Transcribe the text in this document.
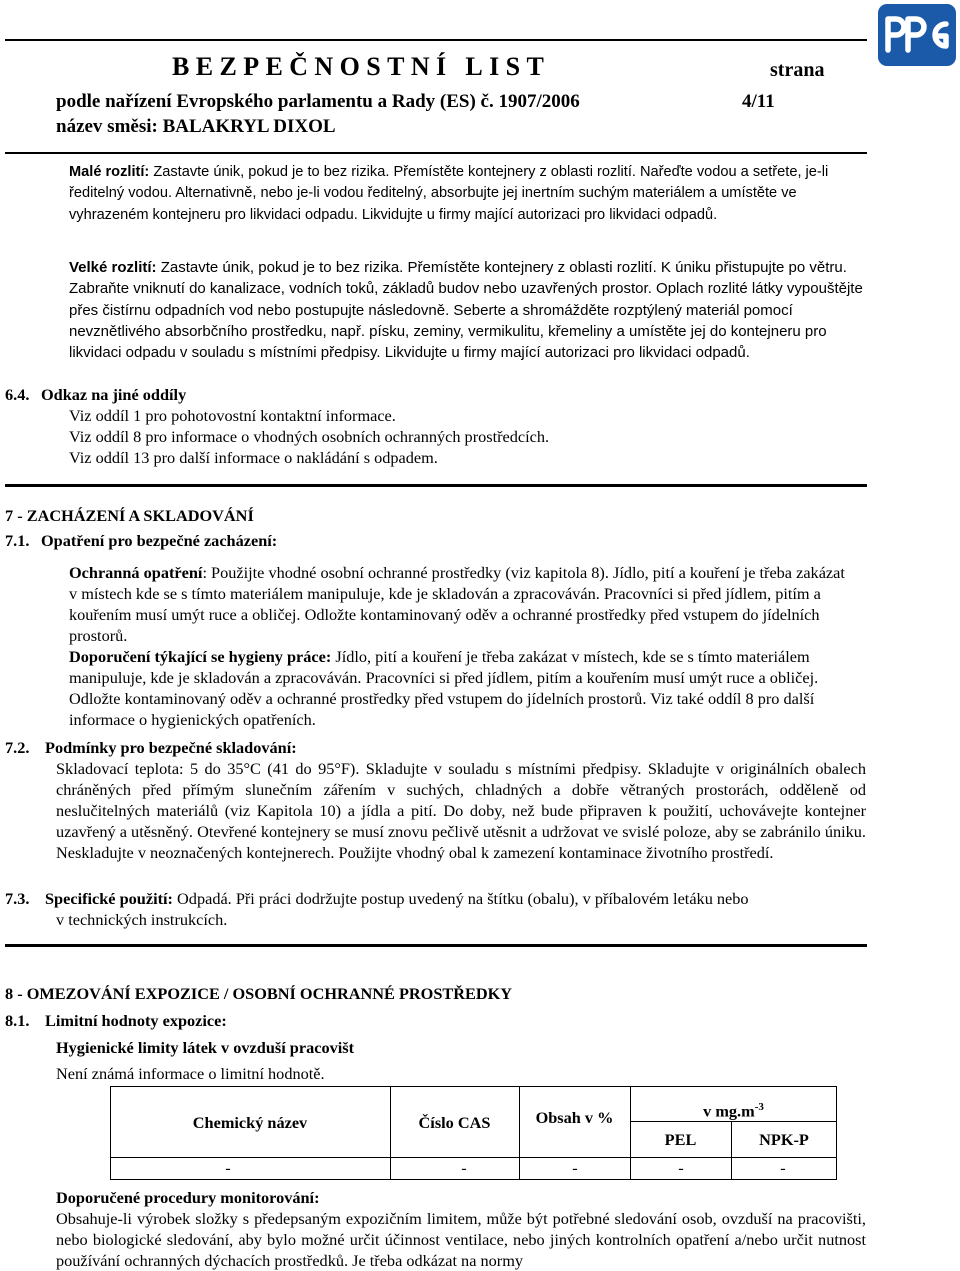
BEZPEČNOSTNÍ LIST	strana
podle nařízení Evropského parlamentu a Rady (ES) č. 1907/2006	4/11
název směsi: BALAKRYL DIXOL

Malé rozlití: Zastavte únik, pokud je to bez rizika. Přemístěte kontejnery z oblasti rozlití. Nařeďte vodou a setřete, je-li ředitelný vodou. Alternativně, nebo je-li vodou ředitelný, absorbujte jej inertním suchým materiálem a umístěte ve vyhrazeném kontejneru pro likvidaci odpadu. Likvidujte u firmy mající autorizaci pro likvidaci odpadů.

Velké rozlití: Zastavte únik, pokud je to bez rizika. Přemístěte kontejnery z oblasti rozlití. K úniku přistupujte po větru. Zabraňte vniknutí do kanalizace, vodních toků, základů budov nebo uzavřených prostor. Oplach rozlité látky vypouštějte přes čistírnu odpadních vod nebo postupujte následovně. Seberte a shromážděte rozptýlený materiál pomocí nevznětlivého absorbčního prostředku, např. písku, zeminy, vermikulitu, křemeliny a umístěte jej do kontejneru pro likvidaci odpadu v souladu s místními předpisy. Likvidujte u firmy mající autorizaci pro likvidaci odpadů.

6.4. Odkaz na jiné oddíly
Viz oddíl 1 pro pohotovostní kontaktní informace.
Viz oddíl 8 pro informace o vhodných osobních ochranných prostředcích.
Viz oddíl 13 pro další informace o nakládání s odpadem.
7 - ZACHÁZENÍ A SKLADOVÁNÍ
7.1. Opatření pro bezpečné zacházení:

Ochranná opatření: Použijte vhodné osobní ochranné prostředky (viz kapitola 8). Jídlo, pití a kouření je třeba zakázat v místech kde se s tímto materiálem manipuluje, kde je skladován a zpracováván. Pracovníci si před jídlem, pitím a kouřením musí umýt ruce a obličej. Odložte kontaminovaný oděv a ochranné prostředky před vstupem do jídelních prostorů.

Doporučení týkající se hygieny práce: Jídlo, pití a kouření je třeba zakázat v místech, kde se s tímto materiálem manipuluje, kde je skladován a zpracováván. Pracovníci si před jídlem, pitím a kouřením musí umýt ruce a obličej. Odložte kontaminovaný oděv a ochranné prostředky před vstupem do jídelních prostorů. Viz také oddíl 8 pro další informace o hygienických opatřeních.

7.2. Podmínky pro bezpečné skladování:
Skladovací teplota: 5 do 35°C (41 do 95°F). Skladujte v souladu s místními předpisy. Skladujte v originálních obalech chráněných před přímým slunečním zářením v suchých, chladných a dobře větraných prostorách, odděleně od neslučitelných materiálů (viz Kapitola 10) a jídla a pití. Do doby, než bude připraven k použití, uchovávejte kontejner uzavřený a utěsněný. Otevřené kontejnery se musí znovu pečlivě utěsnit a udržovat ve svislé poloze, aby se zabránilo úniku. Neskladujte v neoznačených kontejnerech. Použijte vhodný obal k zamezení kontaminace životního prostředí.
7.3. Specifické použití: Odpadá. Při práci dodržujte postup uvedený na štítku (obalu), v příbalovém letáku nebo
v technických instrukcích.
8 - OMEZOVÁNÍ EXPOZICE / OSOBNÍ OCHRANNÉ PROSTŘEDKY
8.1. Limitní hodnoty expozice:
Hygienické limity látek v ovzduší pracovišt
Není známá informace o limitní hodnotě.
Chemický název	Číslo CAS	Obsah v %	v $mg.m^{-3}$
PEL	NPK-P
-	-	-	-	-
Doporučené procedury monitorování:
Obsahuje-li výrobek složky s předepsaným expozičním limitem, může být potřebné sledování osob, ovzduší na pracovišti, nebo biologické sledování, aby bylo možné určit účinnost ventilace, nebo jiných kontrolních opatření a/nebo určit nutnost používání ochranných dýchacích prostředků. Je třeba odkázat na normy
